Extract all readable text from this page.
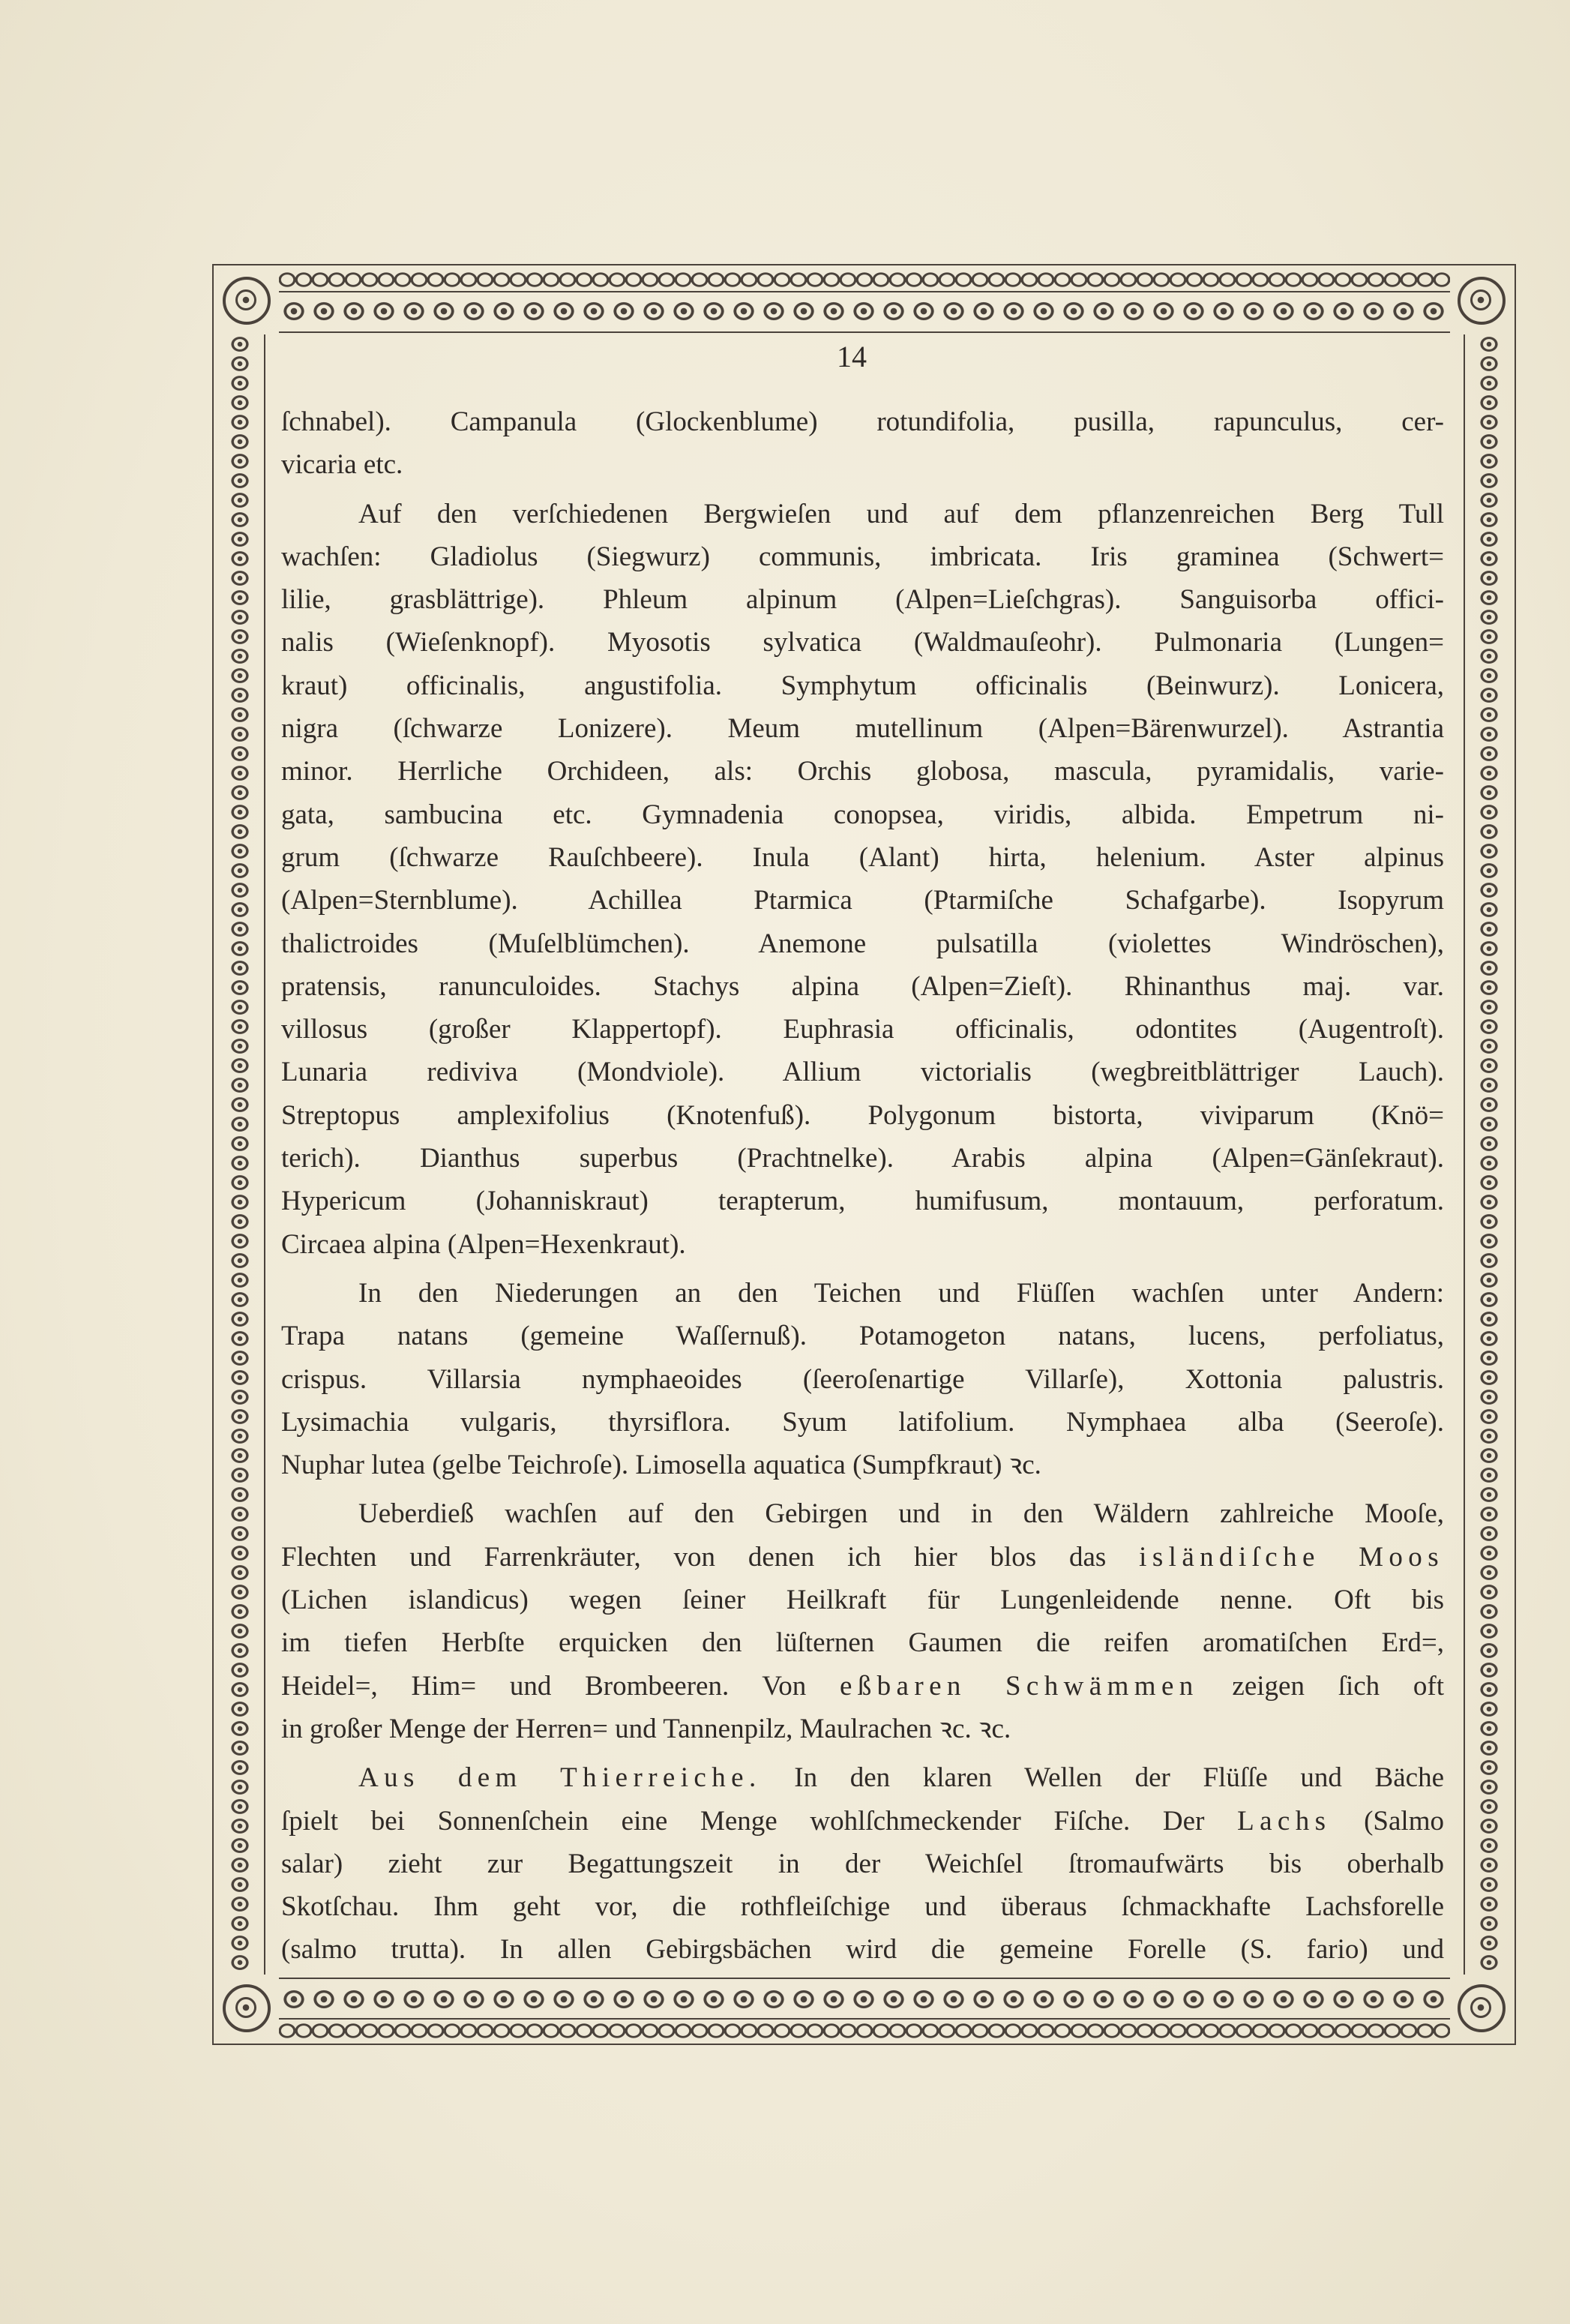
14
ſchnabel). Campanula (Glockenblume) rotundifolia, pusilla, rapunculus, cer-
vicaria etc.
Auf den verſchiedenen Bergwieſen und auf dem pflanzenreichen Berg Tull
wachſen: Gladiolus (Siegwurz) communis, imbricata. Iris graminea (Schwert=
lilie, grasblättrige). Phleum alpinum (Alpen=Lieſchgras). Sanguisorba offici-
nalis (Wieſenknopf). Myosotis sylvatica (Waldmauſeohr). Pulmonaria (Lungen=
kraut) officinalis, angustifolia. Symphytum officinalis (Beinwurz). Lonicera,
nigra (ſchwarze Lonizere). Meum mutellinum (Alpen=Bärenwurzel). Astrantia
minor. Herrliche Orchideen, als: Orchis globosa, mascula, pyramidalis, varie-
gata, sambucina etc. Gymnadenia conopsea, viridis, albida. Empetrum ni-
grum (ſchwarze Rauſchbeere). Inula (Alant) hirta, helenium. Aster alpinus
(Alpen=Sternblume). Achillea Ptarmica (Ptarmiſche Schafgarbe). Isopyrum
thalictroides (Muſelblümchen). Anemone pulsatilla (violettes Windröschen),
pratensis, ranunculoides. Stachys alpina (Alpen=Zieſt). Rhinanthus maj. var.
villosus (großer Klappertopf). Euphrasia officinalis, odontites (Augentroſt).
Lunaria rediviva (Mondviole). Allium victorialis (wegbreitblättriger Lauch).
Streptopus amplexifolius (Knotenfuß). Polygonum bistorta, viviparum (Knö=
terich). Dianthus superbus (Prachtnelke). Arabis alpina (Alpen=Gänſekraut).
Hypericum (Johanniskraut) terapterum, humifusum, montauum, perforatum.
Circaea alpina (Alpen=Hexenkraut).
In den Niederungen an den Teichen und Flüſſen wachſen unter Andern:
Trapa natans (gemeine Waſſernuß). Potamogeton natans, lucens, perfoliatus,
crispus. Villarsia nymphaeoides (ſeeroſenartige Villarſe), Xottonia palustris.
Lysimachia vulgaris, thyrsiflora. Syum latifolium. Nymphaea alba (Seeroſe).
Nuphar lutea (gelbe Teichroſe). Limosella aquatica (Sumpfkraut) ꝛc.
Ueberdieß wachſen auf den Gebirgen und in den Wäldern zahlreiche Mooſe,
Flechten und Farrenkräuter, von denen ich hier blos das isländiſche Moos
(Lichen islandicus) wegen ſeiner Heilkraft für Lungenleidende nenne. Oft bis
im tiefen Herbſte erquicken den lüſternen Gaumen die reifen aromatiſchen Erd=,
Heidel=, Him= und Brombeeren. Von eßbaren Schwämmen zeigen ſich oft
in großer Menge der Herren= und Tannenpilz, Maulrachen ꝛc. ꝛc.
Aus dem Thierreiche. In den klaren Wellen der Flüſſe und Bäche
ſpielt bei Sonnenſchein eine Menge wohlſchmeckender Fiſche. Der Lachs (Salmo
salar) zieht zur Begattungszeit in der Weichſel ſtromaufwärts bis oberhalb
Skotſchau. Ihm geht vor, die rothfleiſchige und überaus ſchmackhafte Lachsforelle
(salmo trutta). In allen Gebirgsbächen wird die gemeine Forelle (S. fario) und
